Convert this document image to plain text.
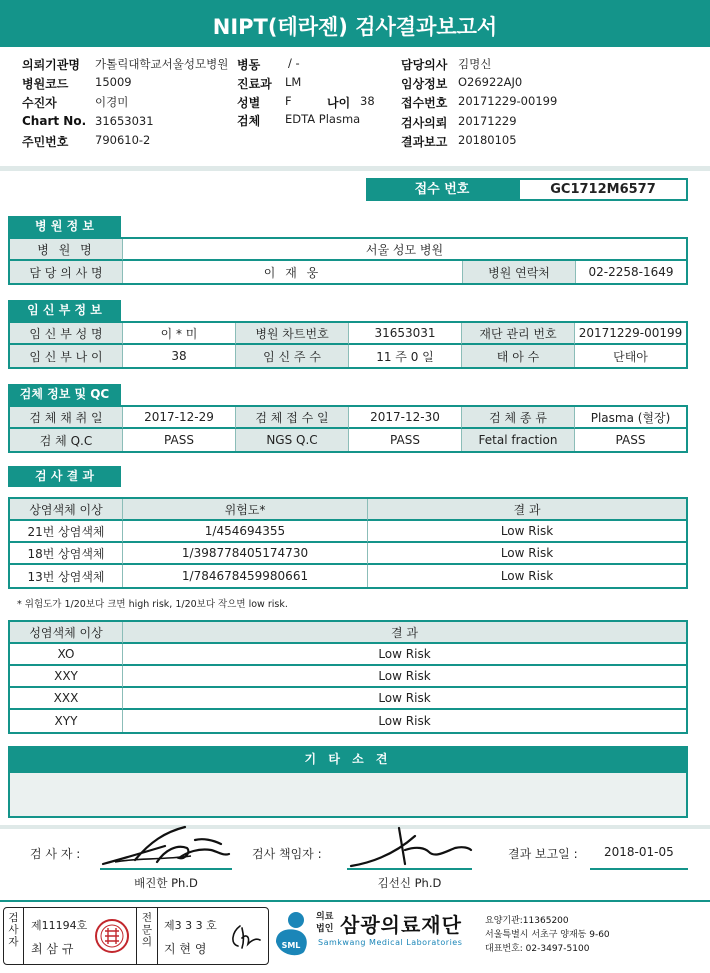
NIPT(테라젠) 검사결과보고서
의뢰기관명 가톨릭대학교서울성모병원 병동 / -	담당의사 김명신
병원코드 15009	진료과 LM	임상정보 O26922AJ0
수진자	이경미	성별 F	나이 38 접수번호 20171229-00199
Chart No. 31653031	검체 EDTA Plasma	검사의뢰 20171229
주민번호 790610-2	결과보고 20180105
접수 번호	GC1712M6577
병 원 정 보
병 원 명	서울 성모 병원		
담 당 의 사 명	이 재 웅	병원 연락처	02-2258-1649
임 신 부 정 보
임 신 부 성 명	이 * 미	병원 차트번호	31653031	재단 관리 번호	20171229-00199
임 신 부 나 이	38	임 신 주 수	11 주 0 일	태 아 수	단태아
검체 정보 및 QC
검 체 채 취 일	2017-12-29	검 체 접 수 일	2017-12-30	검 체 종 류	Plasma (혈장)
검 체 Q.C	PASS	NGS Q.C	PASS	Fetal fraction	PASS
검 사 결 과
상염색체 이상	위험도*	결 과
21번 상염색체	1/454694355	Low Risk
18번 상염색체	1/398778405174730	Low Risk
13번 상염색체	1/784678459980661	Low Risk
* 위험도가 1/20보다 크면 high risk, 1/20보다 작으면 low risk.
성염색체 이상	결 과
XO	Low Risk
XXY	Low Risk
XXX	Low Risk
XYY	Low Risk
기 타 소 견
검 사 자 :
배진한 Ph.D
검사 책임자 :
김선신 Ph.D
결과 보고일 : 2018-01-05
검사자
제11194호
최 삼 규
전문의
제3 3 3 호
지 현 영	SML
의료
법인 삼광의료재단
Samkwang Medical Laboratories
요양기관:11365200
서울특별시 서초구 양재동 9-60
대표번호: 02-3497-5100
